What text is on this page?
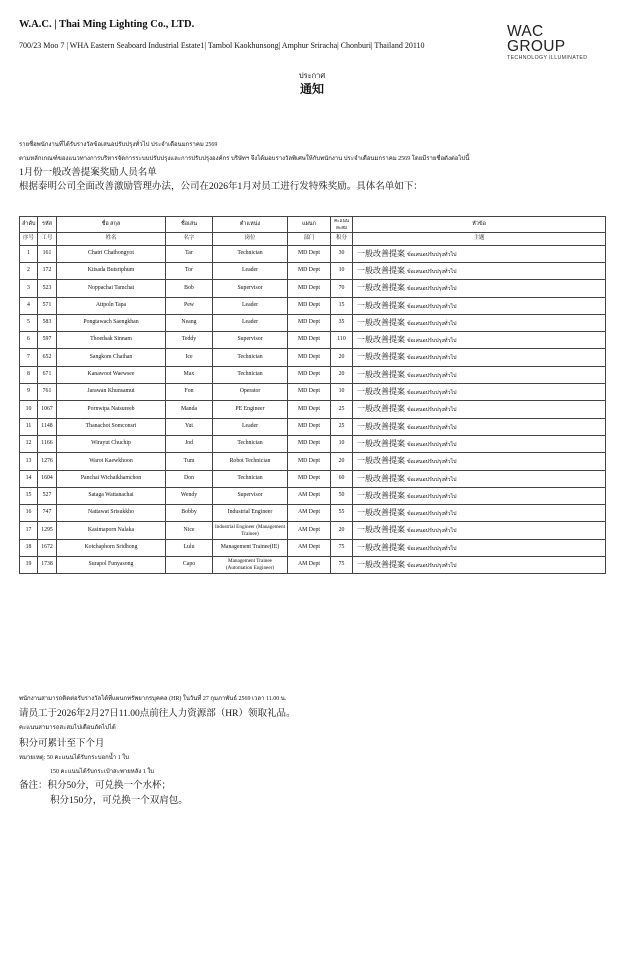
W.A.C. | Thai Ming Lighting Co., LTD.
700/23 Moo 7 | WHA Eastern Seaboard Industrial Estate1| Tambol Kaokhunsong| Amphur Sriracha| Chonburi| Thailand 20110
WAC GROUP
TECHNOLOGY ILLUMINATED
ประกาศ
通知
รายชื่อพนักงานที่ได้รับรางวัลข้อเสนอปรับปรุงทั่วไป ประจำเดือนมกราคม 2569
ตามหลักเกณฑ์ของแนวทางการบริหารจัดการระบบปรับปรุงและการปรับปรุงองค์กร บริษัทฯ จึงได้มอบรางวัลพิเศษให้กับพนักงาน ประจำเดือนมกราคม 2569 โดยมีรายชื่อดังต่อไปนี้
1月份一般改善提案奖励人员名单
根据泰明公司全面改善激励管理办法，公司在2026年1月对员工进行发特殊奖励。具体名单如下：
ลำดับ	รหัส	ชื่อ สกุล	ชื่อเล่น	ตำแหน่ง	แผนก	คะแนน
สะสม	หัวข้อ
序号	工号	姓名	名字	岗位	部门	积分	主题
1	161	Chatri Chathongyot	Tar	Technician	MD Dept	30	一般改善提案 ข้อเสนอปรับปรุงทั่วไป
2	172	Kitsada Butsriphum	Tor	Leader	MD Dept	10	一般改善提案 ข้อเสนอปรับปรุงทั่วไป
3	523	Noppachai Tamchai	Bob	Supervisor	MD Dept	70	一般改善提案 ข้อเสนอปรับปรุงทั่วไป
4	571	Attpoln Tapa	Pew	Leader	MD Dept	15	一般改善提案 ข้อเสนอปรับปรุงทั่วไป
5	583	Pongtawach Saengkhan	Neang	Leader	MD Dept	35	一般改善提案 ข้อเสนอปรับปรุงทั่วไป
6	597	Thoedsak Sinnam	Teddy	Supervisor	MD Dept	110	一般改善提案 ข้อเสนอปรับปรุงทั่วไป
7	652	Sangkom Chaihan	Ice	Technician	MD Dept	20	一般改善提案 ข้อเสนอปรับปรุงทั่วไป
8	671	Kanawoot Waewsee	Max	Technician	MD Dept	20	一般改善提案 ข้อเสนอปรับปรุงทั่วไป
9	761	Jarawan Khunsamut	Fon	Operator	MD Dept	10	一般改善提案 ข้อเสนอปรับปรุงทั่วไป
10	1067	Pornwipa Natsureeb	Manda	PE Engineer	MD Dept	25	一般改善提案 ข้อเสนอปรับปรุงทั่วไป
11	1148	Thanachot Somconsri	Yut	Leader	MD Dept	25	一般改善提案 ข้อเสนอปรับปรุงทั่วไป
12	1166	Wirayut Chuchip	Jod	Technician	MD Dept	10	一般改善提案 ข้อเสนอปรับปรุงทั่วไป
13	1276	Warot Kaewkhoon	Tum	Robot Technician	MD Dept	20	一般改善提案 ข้อเสนอปรับปรุงทั่วไป
14	1604	Panchai Wichaikhamchon	Don	Technician	MD Dept	60	一般改善提案 ข้อเสนอปรับปรุงทั่วไป
15	527	Sataga Wattanachai	Wendy	Supervisor	AM Dept	50	一般改善提案 ข้อเสนอปรับปรุงทั่วไป
16	747	Nattawat Srisukkho	Bobby	Industrial Engineer	AM Dept	55	一般改善提案 ข้อเสนอปรับปรุงทั่วไป
17	1295	Kasimaporn Nalaka	Nice	Industrial Engineer (Management Trainee)	AM Dept	20	一般改善提案 ข้อเสนอปรับปรุงทั่วไป
18	1672	Kotchaphorn Sridhong	Lulu	Management Trainee(IE)	AM Dept	75	一般改善提案 ข้อเสนอปรับปรุงทั่วไป
19	1738	Surapol Funyasong	Capo	Management Trainee (Automation Engineer)	AM Dept	75	一般改善提案 ข้อเสนอปรับปรุงทั่วไป
พนักงานสามารถติดต่อรับรางวัลได้ที่แผนกทรัพยากรบุคคล (HR) ในวันที่ 27 กุมภาพันธ์ 2569 เวลา 11.00 น.
请员工于2026年2月27日11.00点前往人力资源部（HR）领取礼品。
คะแนนสามารถสะสมไปเดือนถัดไปได้
积分可累计至下个月
หมายเหตุ: 50 คะแนนได้รับกระบอกน้ำ 1 ใบ
150 คะแนนได้รับกระเป๋าสะพายหลัง 1 ใบ
备注：积分50分，可兑换一个水杯；
积分150分，可兑换一个双肩包。
